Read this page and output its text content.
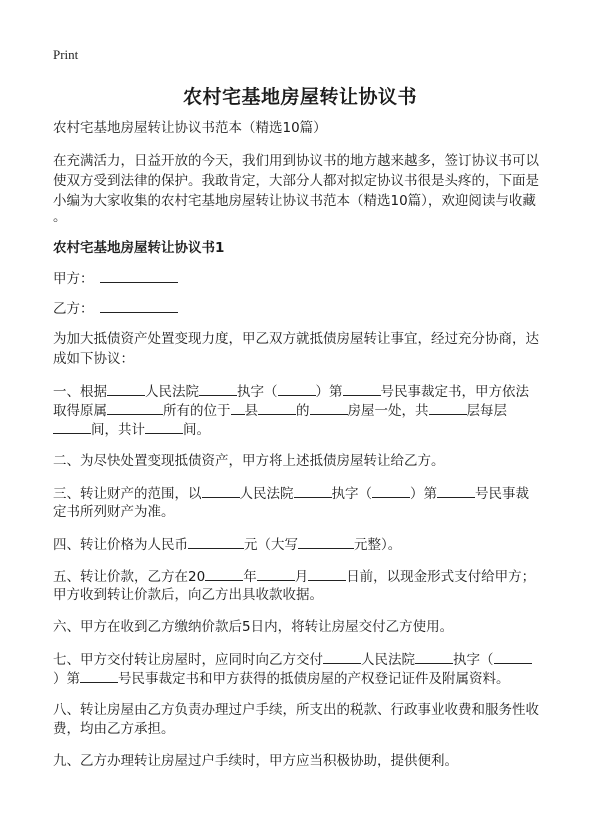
Print
农村宅基地房屋转让协议书
农村宅基地房屋转让协议书范本（精选10篇）
在充满活力，日益开放的今天，我们用到协议书的地方越来越多，签订协议书可以
使双方受到法律的保护。我敢肯定，大部分人都对拟定协议书很是头疼的，下面是
小编为大家收集的农村宅基地房屋转让协议书范本（精选10篇），欢迎阅读与收藏
。
农村宅基地房屋转让协议书1
甲方：
乙方：
为加大抵债资产处置变现力度，甲乙双方就抵债房屋转让事宜，经过充分协商，达
成如下协议：
一、根据	人民法院	执字（	）第	号民事裁定书，甲方依法
取得原属	所有的位于 县	的	房屋一处，共	层每层
间，共计	间。
二、为尽快处置变现抵债资产，甲方将上述抵债房屋转让给乙方。
三、转让财产的范围，以	人民法院	执字（	）第	号民事裁
定书所列财产为准。
四、转让价格为人民币	元（大写	元整）。
五、转让价款，乙方在20	年	月	日前，以现金形式支付给甲方；
甲方收到转让价款后，向乙方出具收款收据。
六、甲方在收到乙方缴纳价款后5日内，将转让房屋交付乙方使用。
七、甲方交付转让房屋时，应同时向乙方交付	人民法院	执字（
）第	号民事裁定书和甲方获得的抵债房屋的产权登记证件及附属资料。
八、转让房屋由乙方负责办理过户手续，所支出的税款、行政事业收费和服务性收
费，均由乙方承担。
九、乙方办理转让房屋过户手续时，甲方应当积极协助，提供便利。
